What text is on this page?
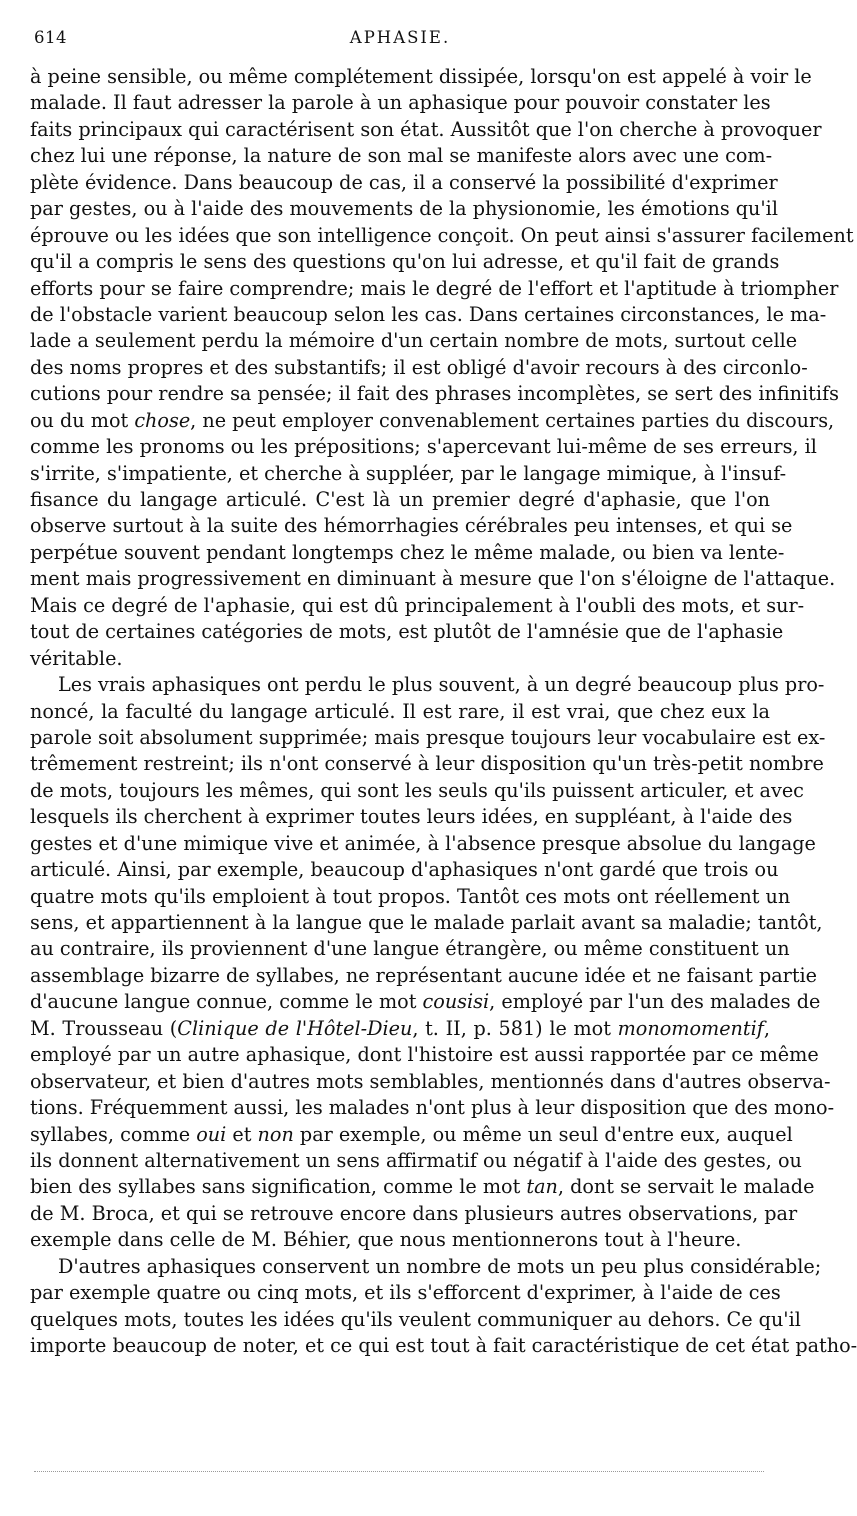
614	APHASIE.
à peine sensible, ou même complétement dissipée, lorsqu'on est appelé à voir le
malade. Il faut adresser la parole à un aphasique pour pouvoir constater les
faits principaux qui caractérisent son état. Aussitôt que l'on cherche à provoquer
chez lui une réponse, la nature de son mal se manifeste alors avec une com-
plète évidence. Dans beaucoup de cas, il a conservé la possibilité d'exprimer
par gestes, ou à l'aide des mouvements de la physionomie, les émotions qu'il
éprouve ou les idées que son intelligence conçoit. On peut ainsi s'assurer facilement
qu'il a compris le sens des questions qu'on lui adresse, et qu'il fait de grands
efforts pour se faire comprendre; mais le degré de l'effort et l'aptitude à triompher
de l'obstacle varient beaucoup selon les cas. Dans certaines circonstances, le ma-
lade a seulement perdu la mémoire d'un certain nombre de mots, surtout celle
des noms propres et des substantifs; il est obligé d'avoir recours à des circonlo-
cutions pour rendre sa pensée; il fait des phrases incomplètes, se sert des infinitifs
ou du mot chose, ne peut employer convenablement certaines parties du discours,
comme les pronoms ou les prépositions; s'apercevant lui-même de ses erreurs, il
s'irrite, s'impatiente, et cherche à suppléer, par le langage mimique, à l'insuf-
fisance du langage articulé. C'est là un premier degré d'aphasie, que l'on
observe surtout à la suite des hémorrhagies cérébrales peu intenses, et qui se
perpétue souvent pendant longtemps chez le même malade, ou bien va lente-
ment mais progressivement en diminuant à mesure que l'on s'éloigne de l'attaque.
Mais ce degré de l'aphasie, qui est dû principalement à l'oubli des mots, et sur-
tout de certaines catégories de mots, est plutôt de l'amnésie que de l'aphasie
véritable.
Les vrais aphasiques ont perdu le plus souvent, à un degré beaucoup plus pro-
noncé, la faculté du langage articulé. Il est rare, il est vrai, que chez eux la
parole soit absolument supprimée; mais presque toujours leur vocabulaire est ex-
trêmement restreint; ils n'ont conservé à leur disposition qu'un très-petit nombre
de mots, toujours les mêmes, qui sont les seuls qu'ils puissent articuler, et avec
lesquels ils cherchent à exprimer toutes leurs idées, en suppléant, à l'aide des
gestes et d'une mimique vive et animée, à l'absence presque absolue du langage
articulé. Ainsi, par exemple, beaucoup d'aphasiques n'ont gardé que trois ou
quatre mots qu'ils emploient à tout propos. Tantôt ces mots ont réellement un
sens, et appartiennent à la langue que le malade parlait avant sa maladie; tantôt,
au contraire, ils proviennent d'une langue étrangère, ou même constituent un
assemblage bizarre de syllabes, ne représentant aucune idée et ne faisant partie
d'aucune langue connue, comme le mot cousisi, employé par l'un des malades de
M. Trousseau (Clinique de l'Hôtel-Dieu, t. II, p. 581) le mot monomomentif,
employé par un autre aphasique, dont l'histoire est aussi rapportée par ce même
observateur, et bien d'autres mots semblables, mentionnés dans d'autres observa-
tions. Fréquemment aussi, les malades n'ont plus à leur disposition que des mono-
syllabes, comme oui et non par exemple, ou même un seul d'entre eux, auquel
ils donnent alternativement un sens affirmatif ou négatif à l'aide des gestes, ou
bien des syllabes sans signification, comme le mot tan, dont se servait le malade
de M. Broca, et qui se retrouve encore dans plusieurs autres observations, par
exemple dans celle de M. Béhier, que nous mentionnerons tout à l'heure.
D'autres aphasiques conservent un nombre de mots un peu plus considérable;
par exemple quatre ou cinq mots, et ils s'efforcent d'exprimer, à l'aide de ces
quelques mots, toutes les idées qu'ils veulent communiquer au dehors. Ce qu'il
importe beaucoup de noter, et ce qui est tout à fait caractéristique de cet état patho-
